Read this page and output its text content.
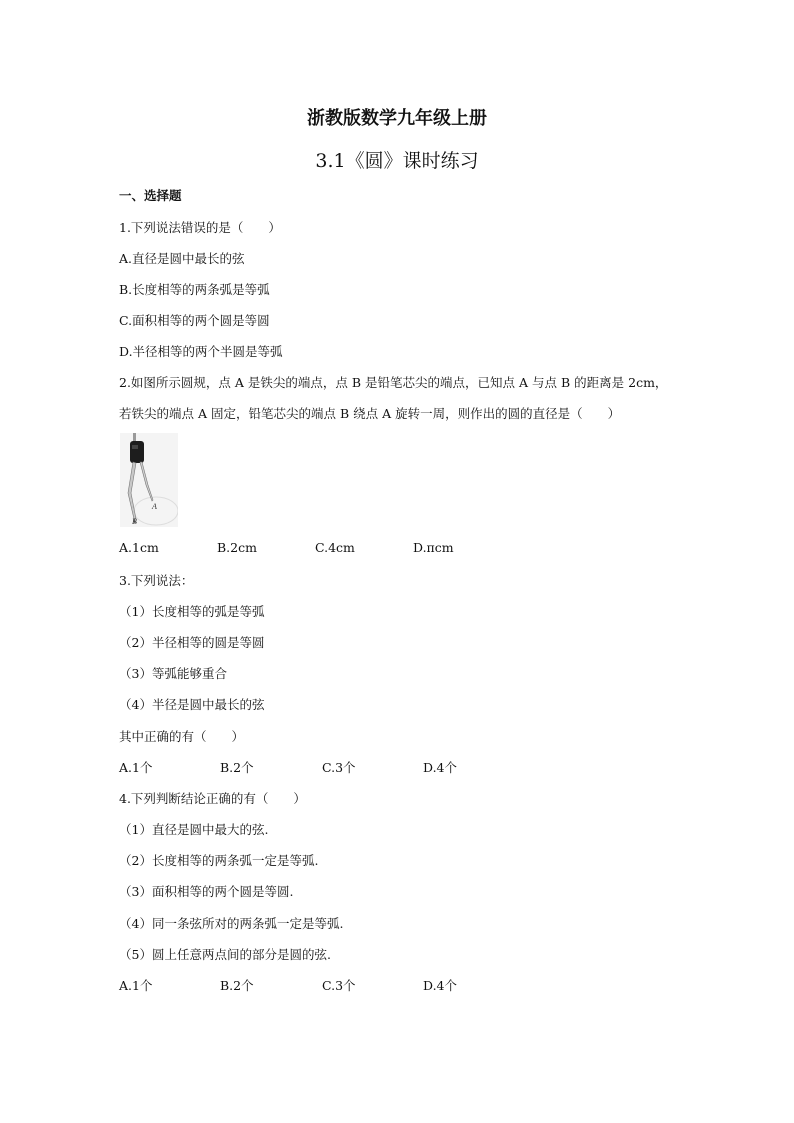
浙教版数学九年级上册
3.1《圆》课时练习
一、选择题
1.下列说法错误的是（　　）
A.直径是圆中最长的弦
B.长度相等的两条弧是等弧
C.面积相等的两个圆是等圆
D.半径相等的两个半圆是等弧
2.如图所示圆规，点 A 是铁尖的端点，点 B 是铅笔芯尖的端点，已知点 A 与点 B 的距离是 2cm，
若铁尖的端点 A 固定，铅笔芯尖的端点 B 绕点 A 旋转一周，则作出的圆的直径是（　　）
A
B
A.1cm	B.2cm	C.4cm	D.πcm
3.下列说法：
（1）长度相等的弧是等弧
（2）半径相等的圆是等圆
（3）等弧能够重合
（4）半径是圆中最长的弦
其中正确的有（　　）
A.1个	B.2个	C.3个	D.4个
4.下列判断结论正确的有（　　）
（1）直径是圆中最大的弦.
（2）长度相等的两条弧一定是等弧.
（3）面积相等的两个圆是等圆.
（4）同一条弦所对的两条弧一定是等弧.
（5）圆上任意两点间的部分是圆的弦.
A.1个	B.2个	C.3个	D.4个
